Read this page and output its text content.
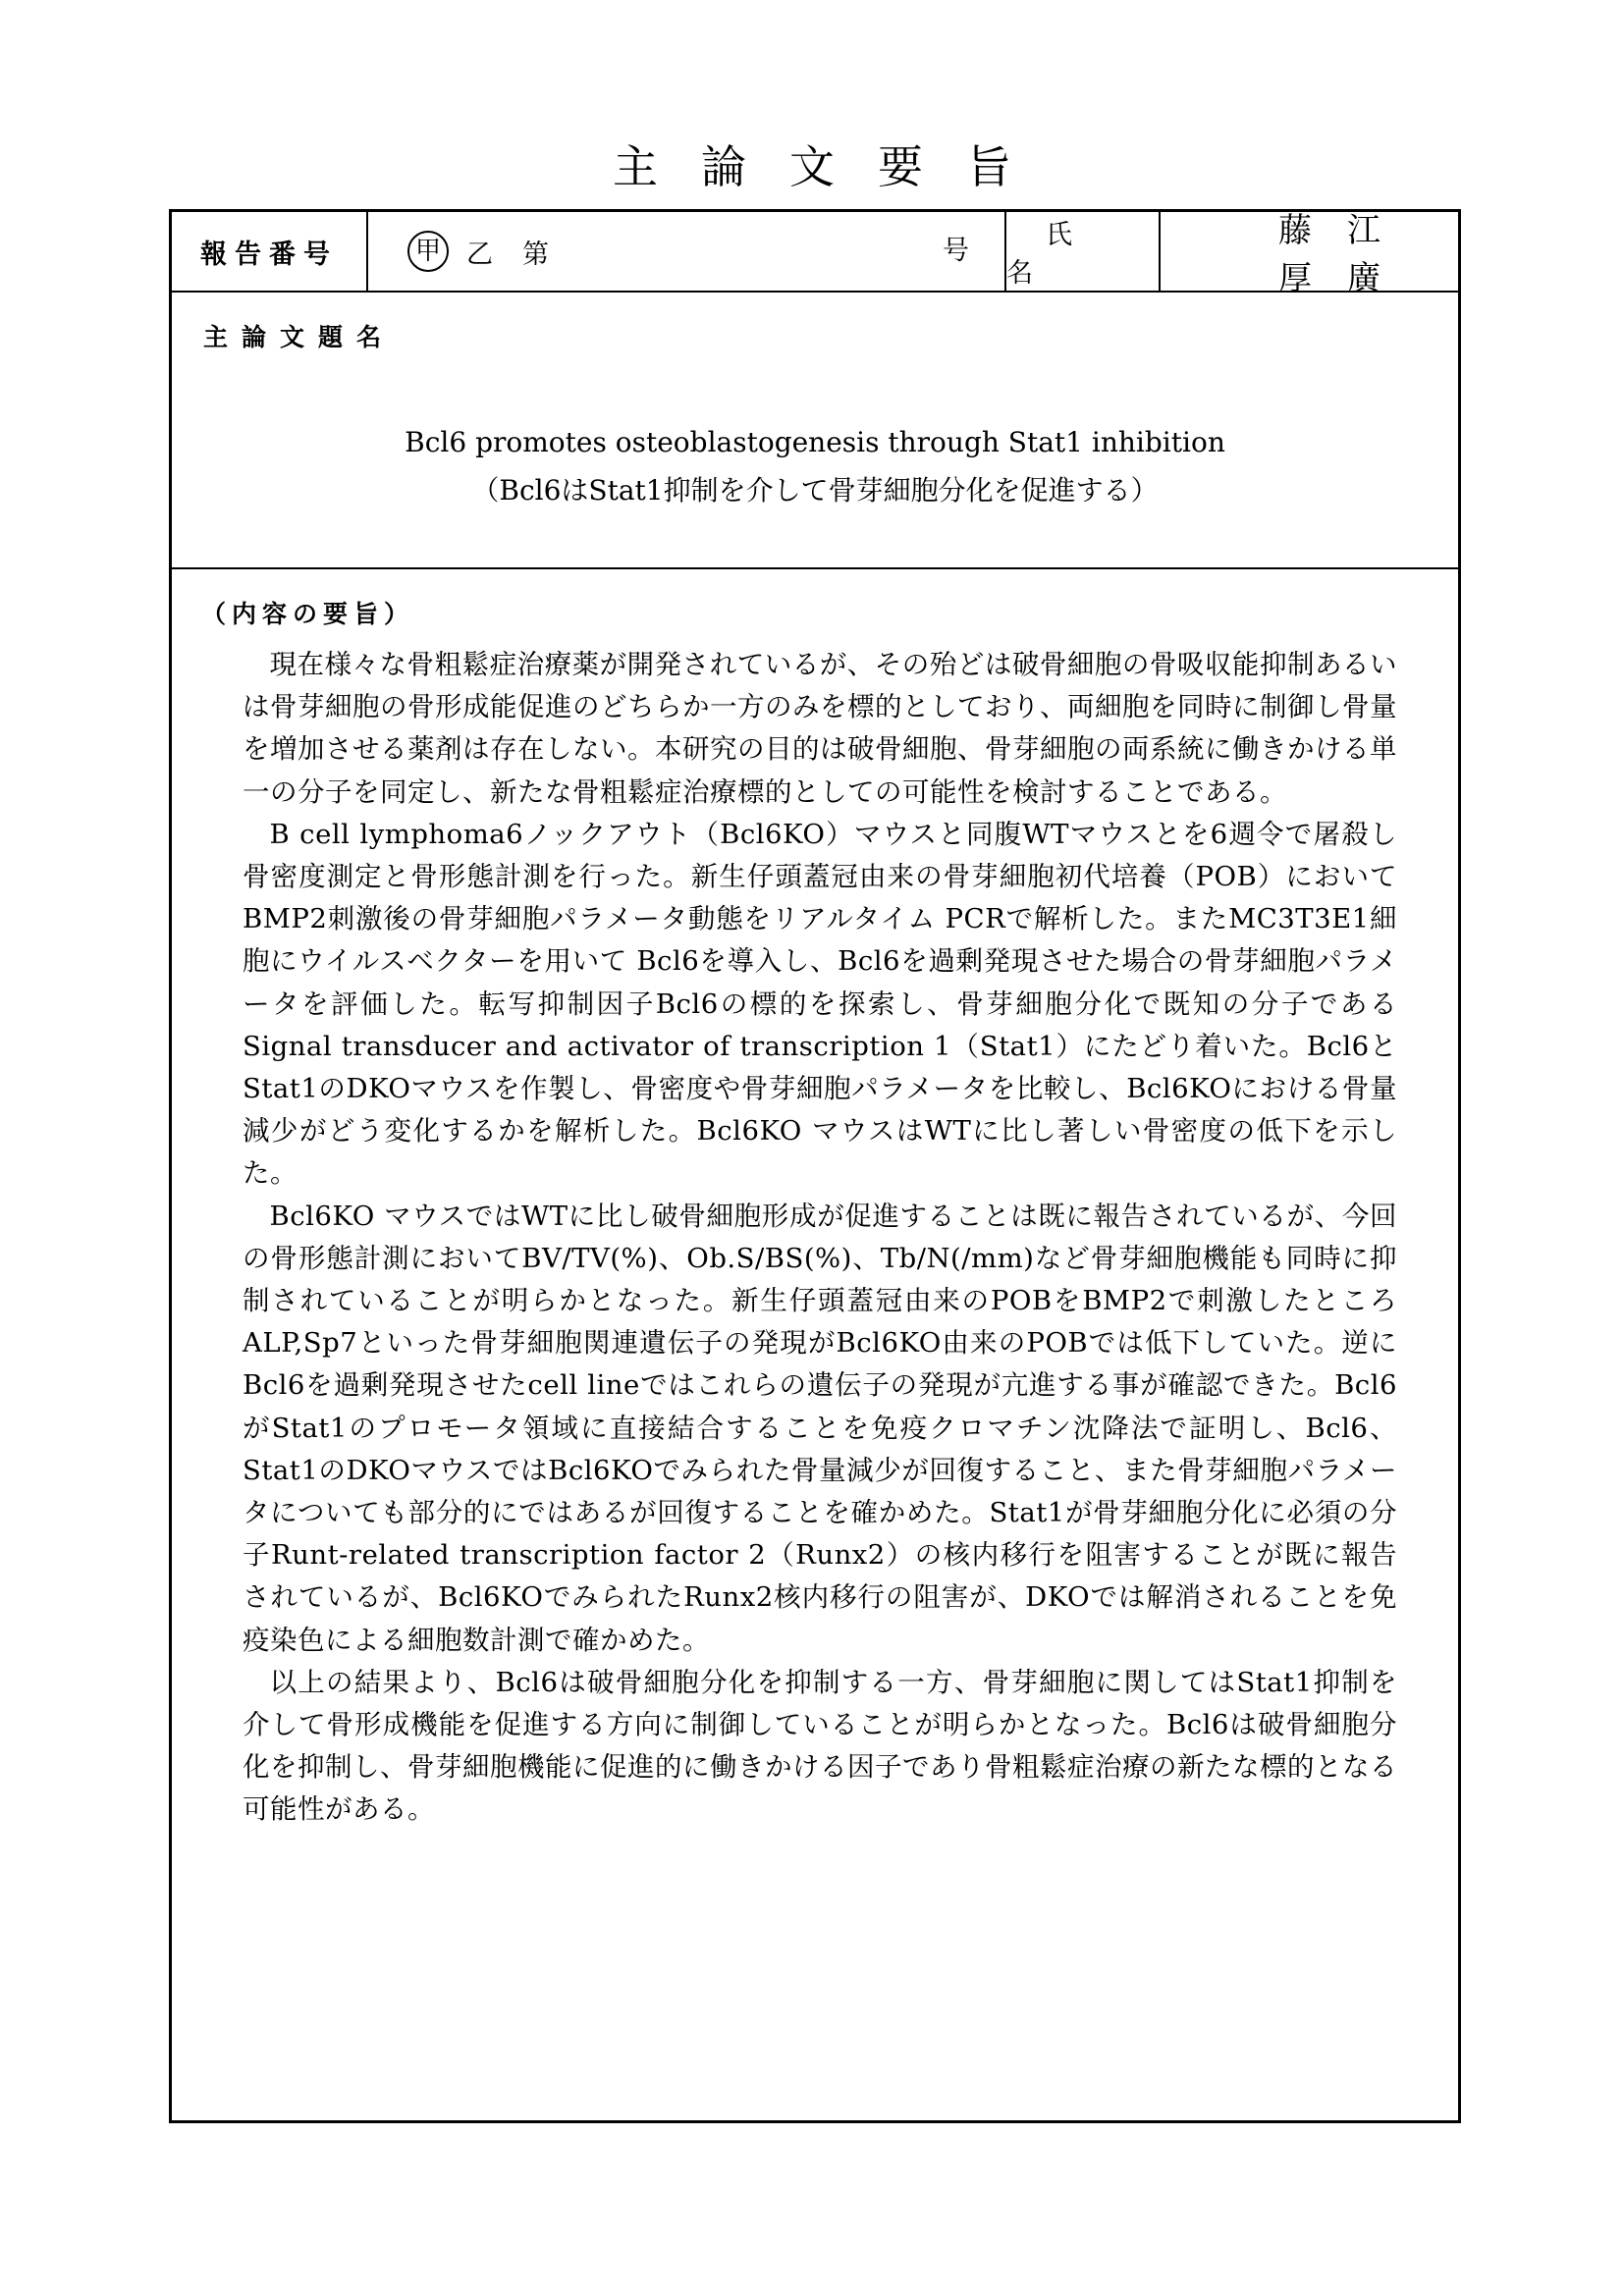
主論文要旨
報告番号	甲 乙 第	号
氏名
藤江厚廣
主論文題名
Bcl6 promotes osteoblastogenesis through Stat1 inhibition
（Bcl6はStat1抑制を介して骨芽細胞分化を促進する）
（内容の要旨）

現在様々な骨粗鬆症治療薬が開発されているが、その殆どは破骨細胞の骨吸収能抑制あるいは骨芽細胞の骨形成能促進のどちらか一方のみを標的としており、両細胞を同時に制御し骨量を増加させる薬剤は存在しない。本研究の目的は破骨細胞、骨芽細胞の両系統に働きかける単一の分子を同定し、新たな骨粗鬆症治療標的としての可能性を検討することである。

B cell lymphoma6ノックアウト（Bcl6KO）マウスと同腹WTマウスとを6週令で屠殺し骨密度測定と骨形態計測を行った。新生仔頭蓋冠由来の骨芽細胞初代培養（POB）においてBMP2刺激後の骨芽細胞パラメータ動態をリアルタイム PCRで解析した。またMC3T3E1細胞にウイルスベクターを用いて Bcl6を導入し、Bcl6を過剰発現させた場合の骨芽細胞パラメータを評価した。転写抑制因子Bcl6の標的を探索し、骨芽細胞分化で既知の分子であるSignal transducer and activator of transcription 1（Stat1）にたどり着いた。Bcl6とStat1のDKOマウスを作製し、骨密度や骨芽細胞パラメータを比較し、Bcl6KOにおける骨量減少がどう変化するかを解析した。Bcl6KO マウスはWTに比し著しい骨密度の低下を示した。

Bcl6KO マウスではWTに比し破骨細胞形成が促進することは既に報告されているが、今回の骨形態計測においてBV/TV(%)、Ob.S/BS(%)、Tb/N(/mm)など骨芽細胞機能も同時に抑制されていることが明らかとなった。新生仔頭蓋冠由来のPOBをBMP2で刺激したところALP,Sp7といった骨芽細胞関連遺伝子の発現がBcl6KO由来のPOBでは低下していた。逆にBcl6を過剰発現させたcell lineではこれらの遺伝子の発現が亢進する事が確認できた。Bcl6がStat1のプロモータ領域に直接結合することを免疫クロマチン沈降法で証明し、Bcl6、Stat1のDKOマウスではBcl6KOでみられた骨量減少が回復すること、また骨芽細胞パラメータについても部分的にではあるが回復することを確かめた。Stat1が骨芽細胞分化に必須の分子Runt-related transcription factor 2（Runx2）の核内移行を阻害することが既に報告されているが、Bcl6KOでみられたRunx2核内移行の阻害が、DKOでは解消されることを免疫染色による細胞数計測で確かめた。

以上の結果より、Bcl6は破骨細胞分化を抑制する一方、骨芽細胞に関してはStat1抑制を介して骨形成機能を促進する方向に制御していることが明らかとなった。Bcl6は破骨細胞分化を抑制し、骨芽細胞機能に促進的に働きかける因子であり骨粗鬆症治療の新たな標的となる可能性がある。
